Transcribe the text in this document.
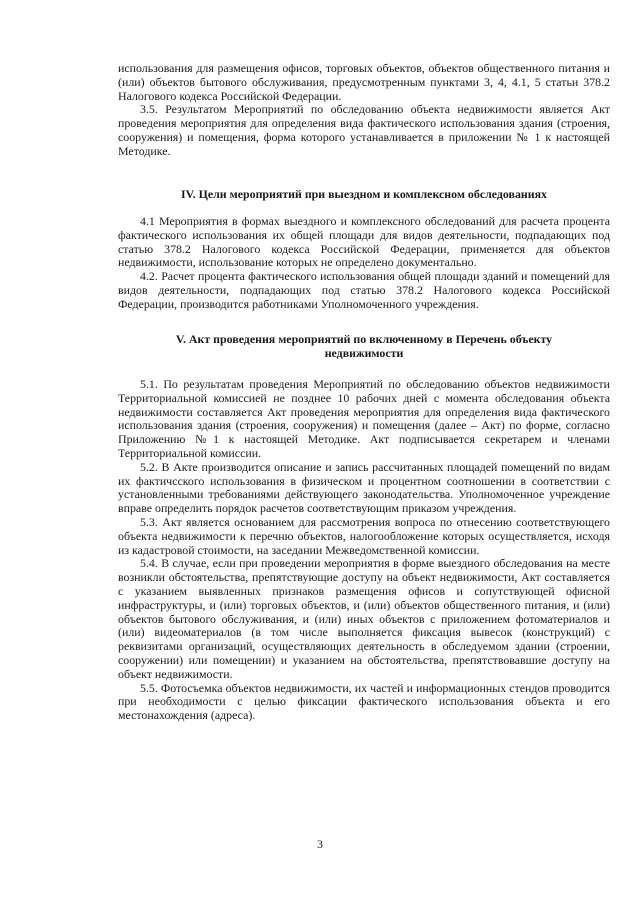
использования для размещения офисов, торговых объектов, объектов общественного питания и (или) объектов бытового обслуживания, предусмотренным пунктами 3, 4, 4.1, 5 статьи 378.2 Налогового кодекса Российской Федерации.

3.5. Результатом Мероприятий по обследованию объекта недвижимости является Акт проведения мероприятия для определения вида фактического использования здания (строения, сооружения) и помещения, форма которого устанавливается в приложении № 1 к настоящей Методике.

IV. Цели мероприятий при выездном и комплексном обследованиях

4.1 Мероприятия в формах выездного и комплексного обследований для расчета процента фактического использования их общей площади для видов деятельности, подпадающих под статью 378.2 Налогового кодекса Российской Федерации, применяется для объектов недвижимости, использование которых не определено документально.

4.2. Расчет процента фактического использования общей площади зданий и помещений для видов деятельности, подпадающих под статью 378.2 Налогового кодекса Российской Федерации, производится работниками Уполномоченного учреждения.

V. Акт проведения мероприятий по включенному в Перечень объекту
недвижимости

5.1. По результатам проведения Мероприятий по обследованию объектов недвижимости Территориальной комиссией не позднее 10 рабочих дней с момента обследования объекта недвижимости составляется Акт проведения мероприятия для определения вида фактического использования здания (строения, сооружения) и помещения (далее – Акт) по форме, согласно Приложению №1 к настоящей Методике. Акт подписывается секретарем и членами Территориальной комиссии.

5.2. В Акте производится описание и запись рассчитанных площадей помещений по видам их фактичсского использования в физическом и процентном соотношении в соответствии с установленными требованиями действующего законодательства. Уполномоченное учреждение вправе определить порядок расчетов соответствующим приказом учреждения.

5.3. Акт является основанием для рассмотрения вопроса по отнесению соответствующего объекта недвижимости к перечню объектов, налогообложение которых осуществляется, исходя из кадастровой стоимости, на заседании Межведомственной комиссии.

5.4. В случае, если при проведении мероприятия в форме выездного обследования на месте возникли обстоятельства, препятствующие доступу на объект недвижимости, Акт составляется с указанием выявленных признаков размещения офисов и сопутствующей офисной инфраструктуры, и (или) торговых объектов, и (или) объектов общественного питания, и (или) объектов бытового обслуживания, и (или) иных объектов с приложением фотоматериалов и (или) видеоматериалов (в том числе выполняется фиксация вывесок (конструкций) с реквизитами организаций, осуществляющих деятельность в обследуемом здании (строении, сооружении) или помещении) и указанием на обстоятельства, препятствовавшие доступу на объект недвижимости.

5.5. Фотосъемка объектов недвижимости, их частей и информационных стендов проводится при необходимости с целью фиксации фактического использования объекта и его местонахождения (адреса).

3
